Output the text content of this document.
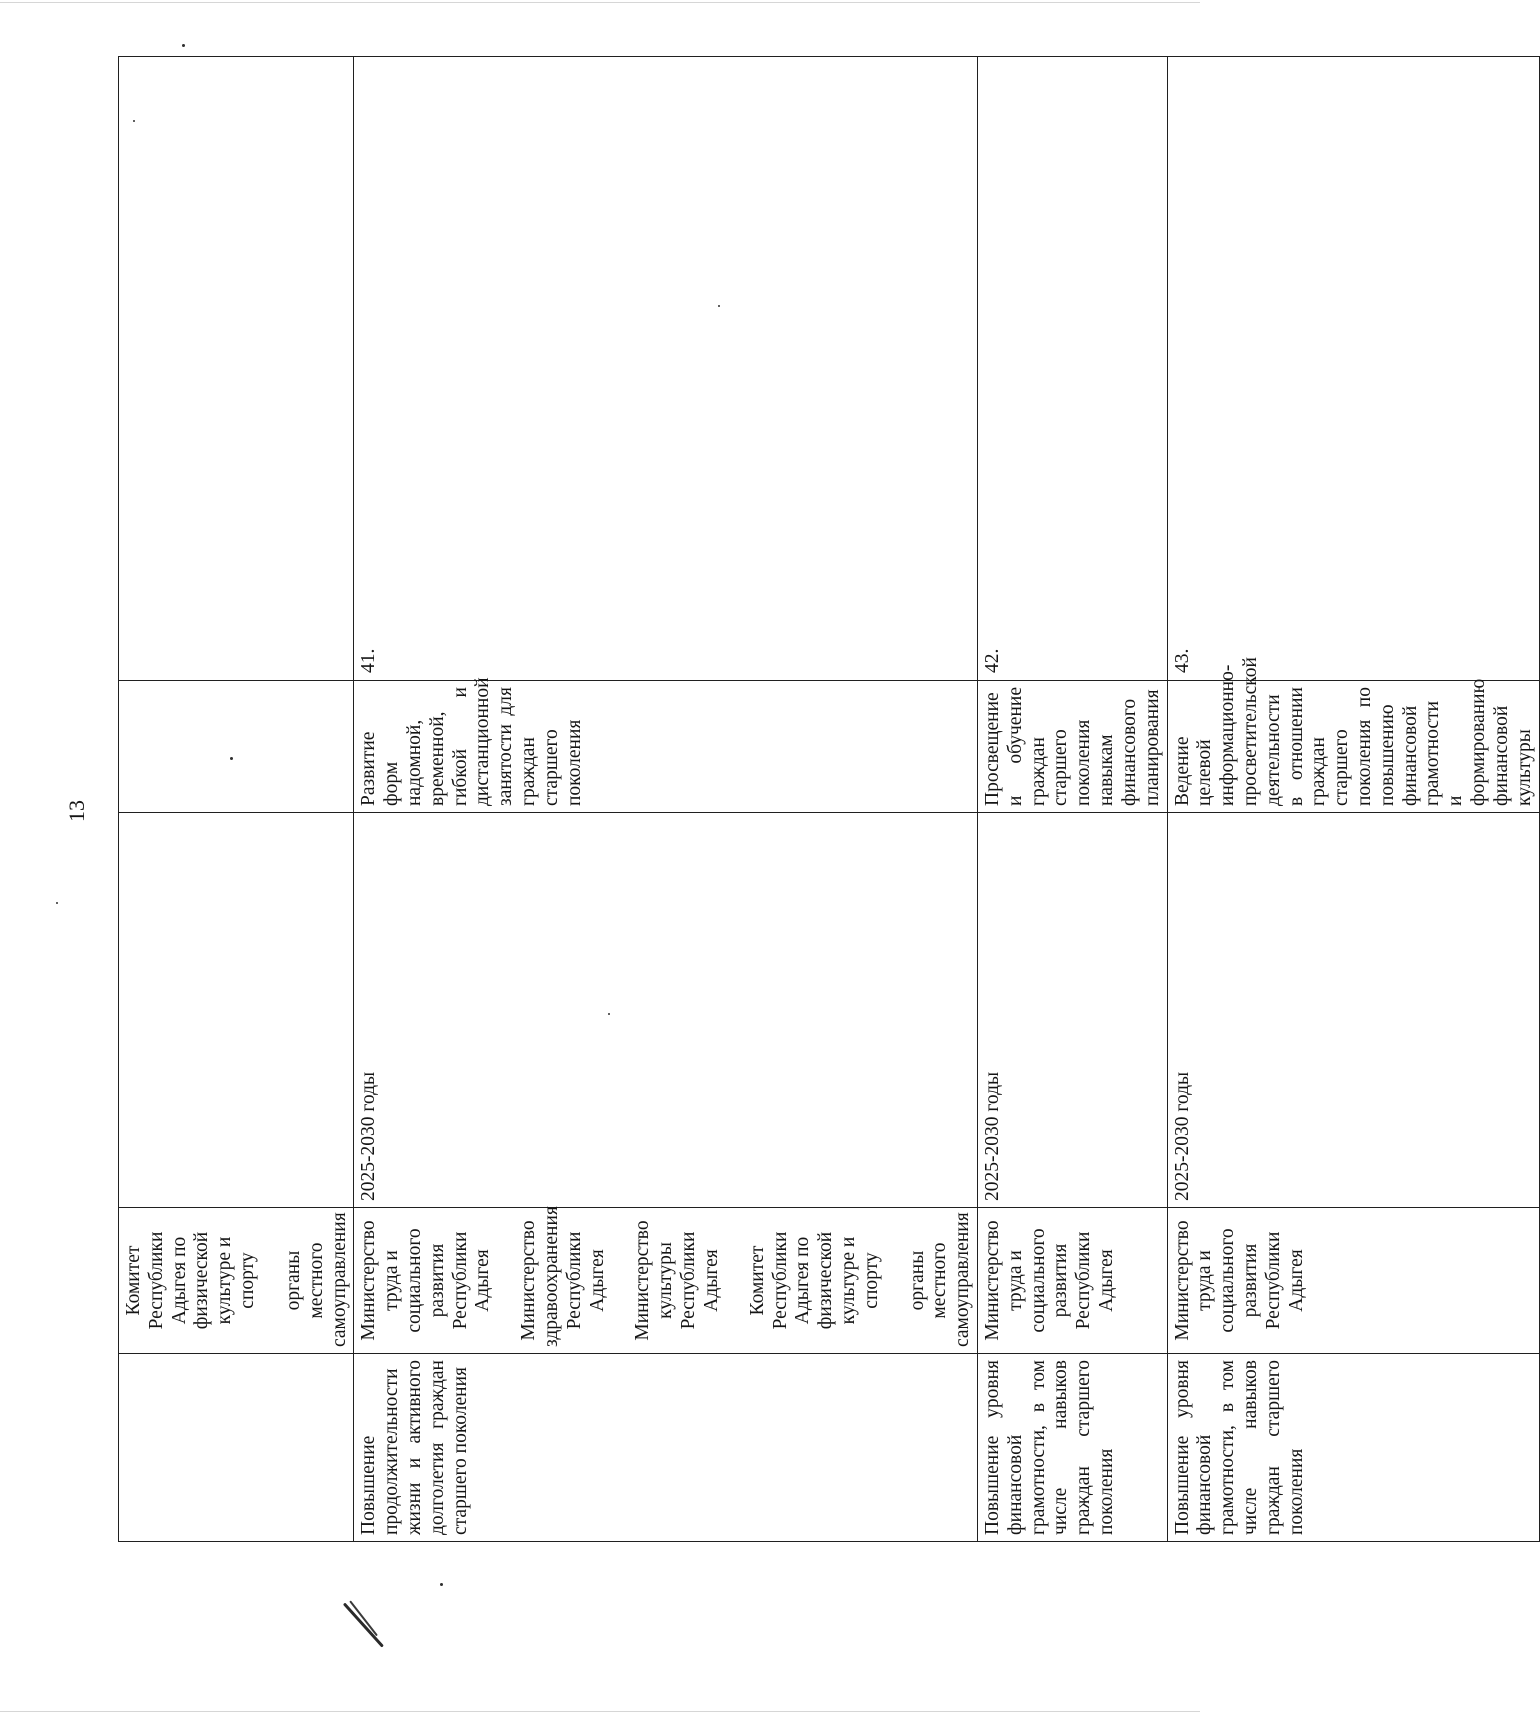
13

	Комитет Республики Адыгея по физической культуре и спорту органы местного самоуправления			

Повышение продолжительности жизни и активного долголетия граждан старшего поколения	Министерство труда и социального развития Республики Адыгея Министерство здравоохранения Республики Адыгея Министерство культуры Республики Адыгея Комитет Республики Адыгея по физической культуре и спорту органы местного самоуправления	2025-2030 годы	Развитие форм надомной, временной, гибкой и дистанционной занятости для граждан старшего поколения	41.
Повышение уровня финансовой грамотности, в том числе навыков граждан старшего поколения	Министерство труда и социального развития Республики Адыгея	2025-2030 годы	Просвещение и обучение граждан старшего поколения навыкам финансового планирования	42.
Повышение уровня финансовой грамотности, в том числе навыков граждан старшего поколения	Министерство труда и социального развития Республики Адыгея	2025-2030 годы	Ведение целевой информационно-просветительской деятельности в отношении граждан старшего поколения по повышению финансовой грамотности и формированию финансовой культуры	43.
